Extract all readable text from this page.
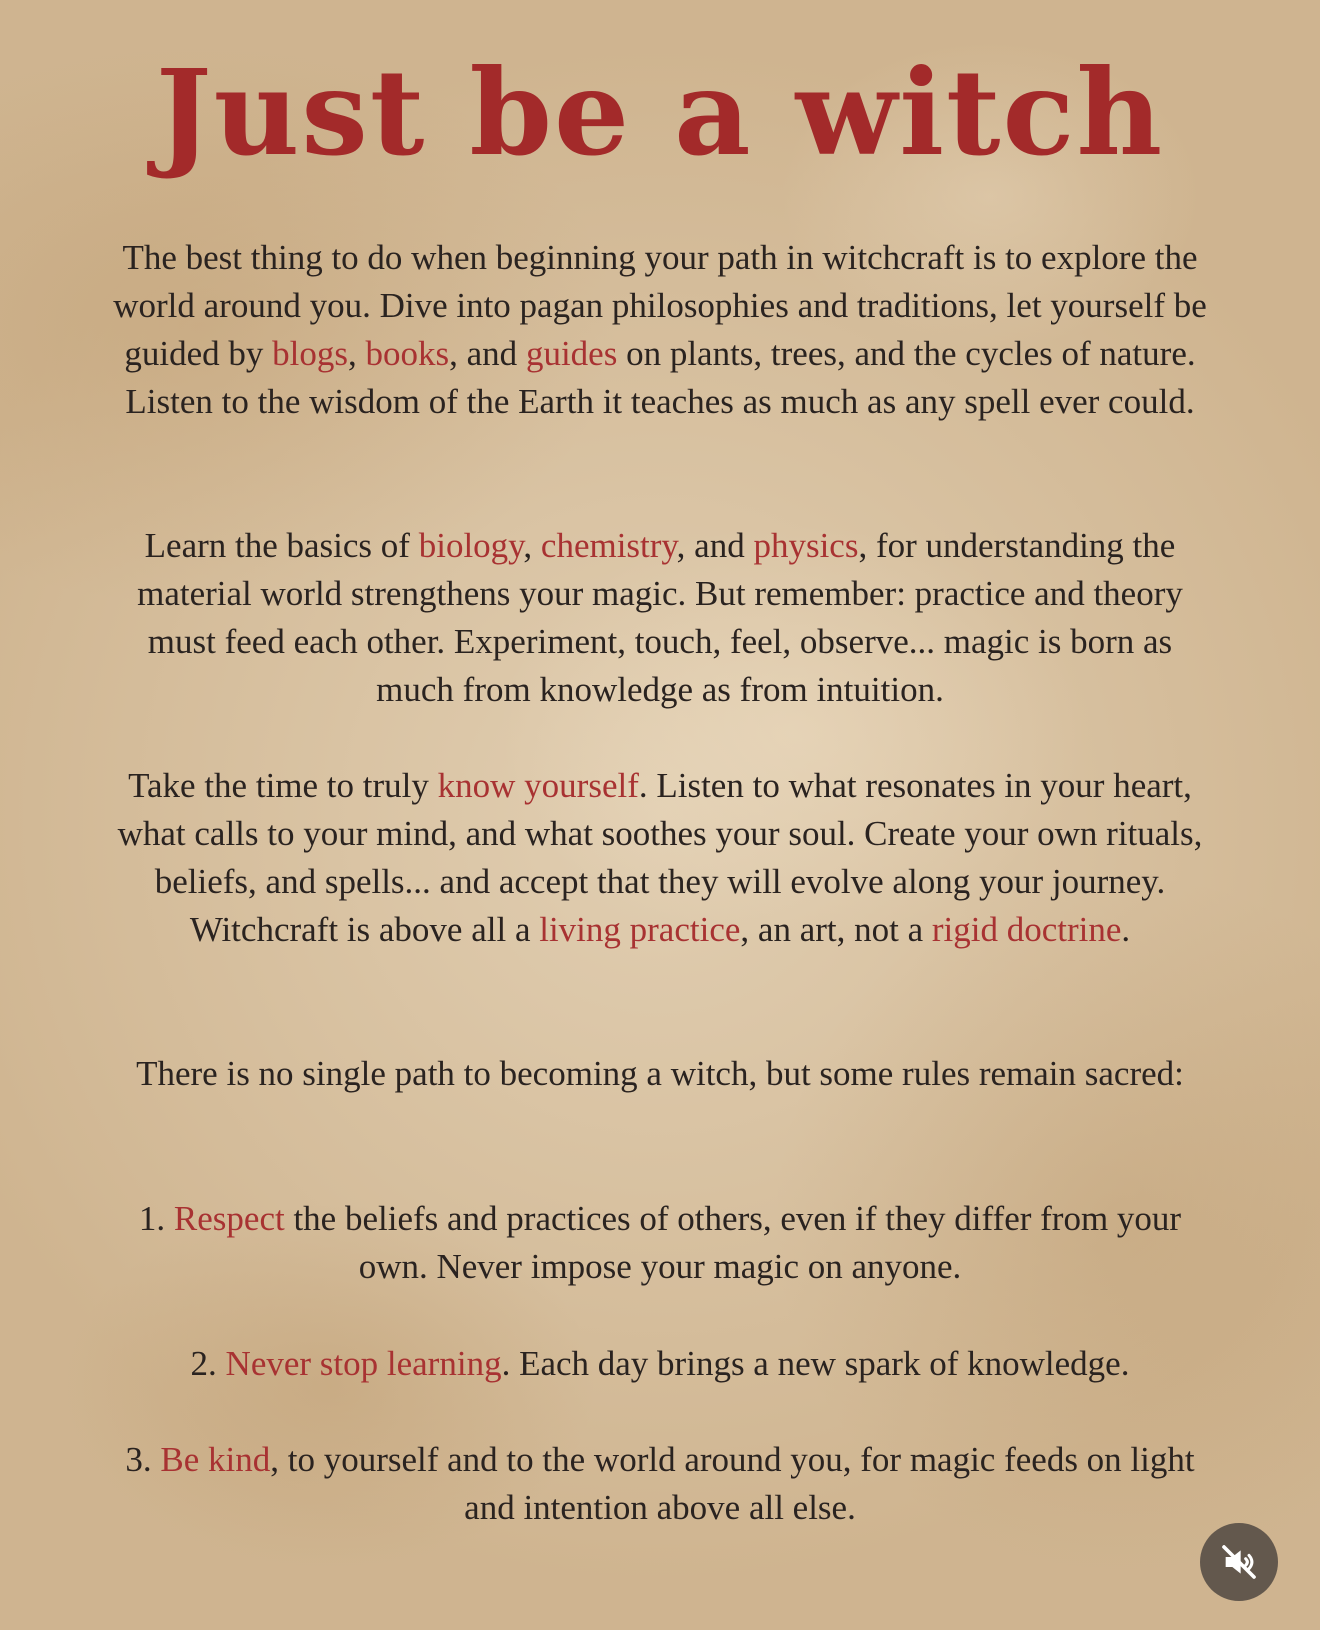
Just be a witch

The best thing to do when beginning your path in witchcraft is to explore the world around you. Dive into pagan philosophies and traditions, let yourself be guided by blogs, books, and guides on plants, trees, and the cycles of nature. Listen to the wisdom of the Earth it teaches as much as any spell ever could.

Learn the basics of biology, chemistry, and physics, for understanding the material world strengthens your magic. But remember: practice and theory must feed each other. Experiment, touch, feel, observe... magic is born as much from knowledge as from intuition.

Take the time to truly know yourself. Listen to what resonates in your heart, what calls to your mind, and what soothes your soul. Create your own rituals, beliefs, and spells... and accept that they will evolve along your journey. Witchcraft is above all a living practice, an art, not a rigid doctrine.

There is no single path to becoming a witch, but some rules remain sacred:

1. Respect the beliefs and practices of others, even if they differ from your own. Never impose your magic on anyone.

2. Never stop learning. Each day brings a new spark of knowledge.

3. Be kind, to yourself and to the world around you, for magic feeds on light and intention above all else.
